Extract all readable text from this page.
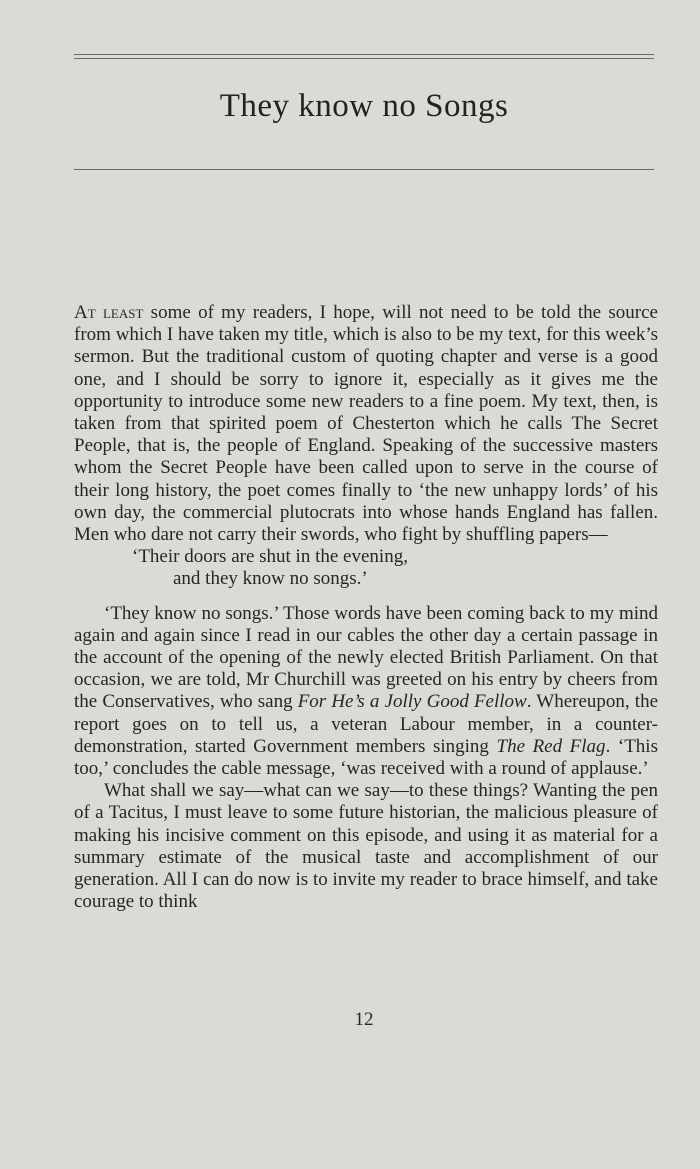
They know no Songs

At least some of my readers, I hope, will not need to be told the source from which I have taken my title, which is also to be my text, for this week’s sermon. But the traditional custom of quoting chapter and verse is a good one, and I should be sorry to ignore it, especially as it gives me the opportunity to introduce some new readers to a fine poem. My text, then, is taken from that spirited poem of Chesterton which he calls The Secret People, that is, the people of England. Speaking of the successive masters whom the Secret People have been called upon to serve in the course of their long history, the poet comes finally to ‘the new unhappy lords’ of his own day, the commercial plutocrats into whose hands England has fallen. Men who dare not carry their swords, who fight by shuffling papers—

‘Their doors are shut in the evening,
and they know no songs.’

‘They know no songs.’ Those words have been coming back to my mind again and again since I read in our cables the other day a certain passage in the account of the opening of the newly elected British Parliament. On that occasion, we are told, Mr Churchill was greeted on his entry by cheers from the Conservatives, who sang For He’s a Jolly Good Fellow. Whereupon, the report goes on to tell us, a veteran Labour member, in a counter-demonstration, started Government members singing The Red Flag. ‘This too,’ concludes the cable message, ‘was received with a round of applause.’

What shall we say—what can we say—to these things? Wanting the pen of a Tacitus, I must leave to some future historian, the malicious pleasure of making his incisive comment on this episode, and using it as material for a summary estimate of the musical taste and accomplishment of our generation. All I can do now is to invite my reader to brace himself, and take courage to think

12
